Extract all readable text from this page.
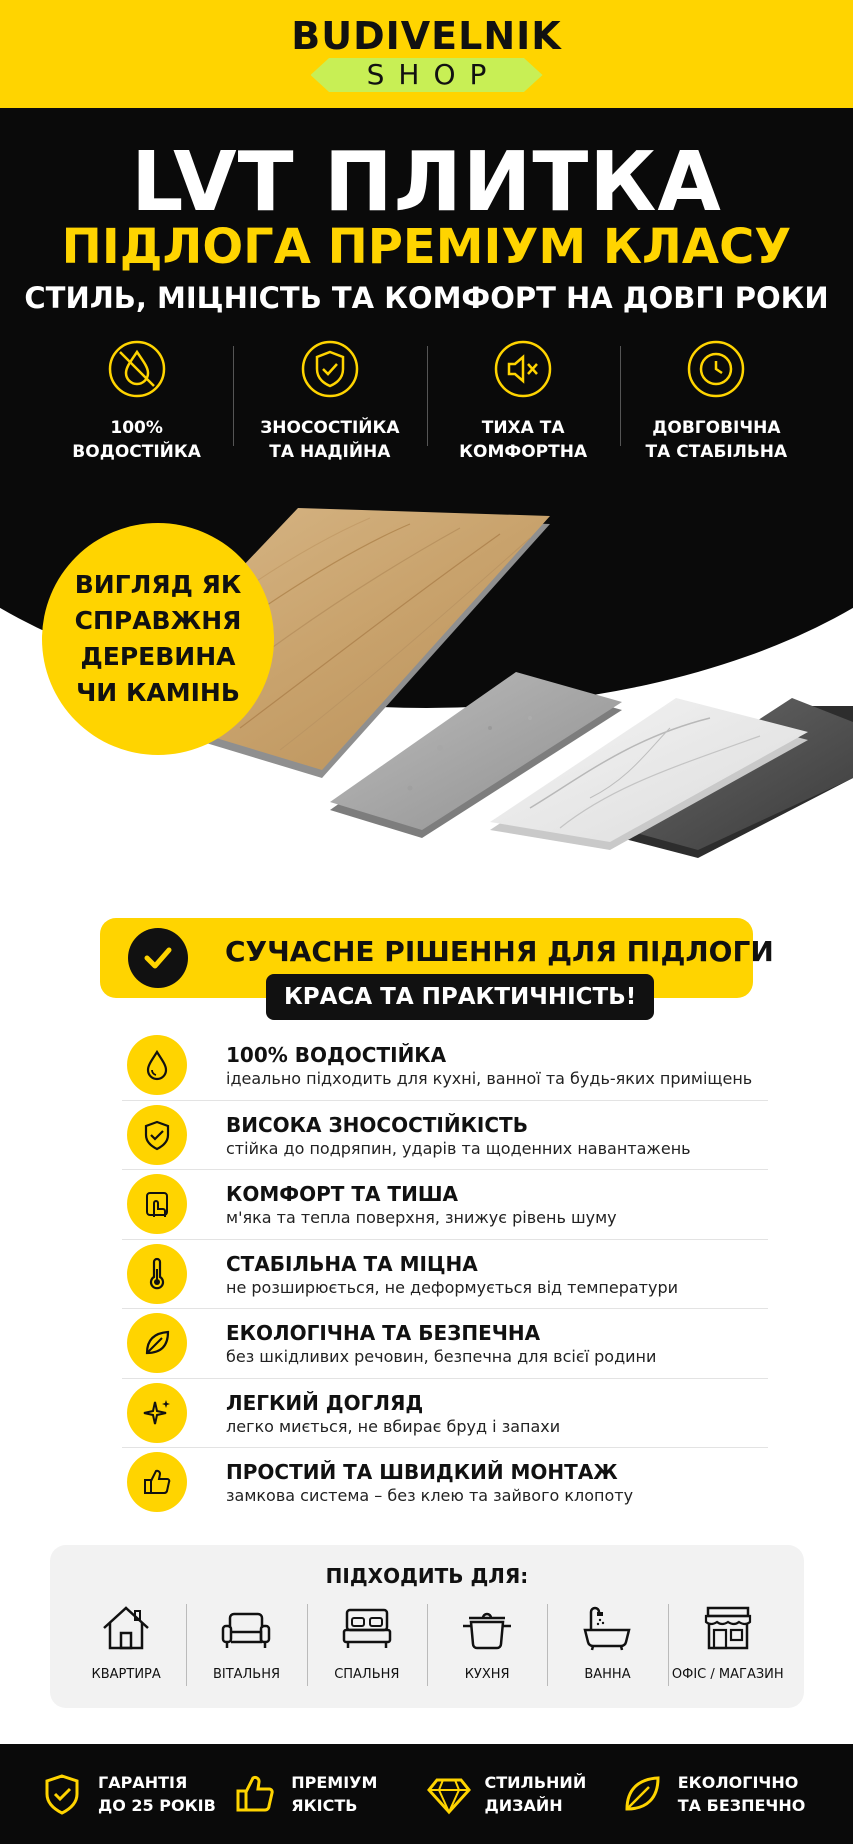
BUDIVELNIK
SHOP
LVT ПЛИТКА
ПІДЛОГА ПРЕМІУМ КЛАСУ
СТИЛЬ, МІЦНІСТЬ ТА КОМФОРТ НА ДОВГІ РОКИ
100%
ВОДОСТІЙКА
ЗНОСОСТІЙКА
ТА НАДІЙНА
ТИХА ТА
КОМФОРТНА
ДОВГОВІЧНА
ТА СТАБІЛЬНА
ВИГЛЯД ЯК СПРАВЖНЯ ДЕРЕВИНА ЧИ КАМІНЬ
СУЧАСНЕ РІШЕННЯ ДЛЯ ПІДЛОГИ
КРАСА ТА ПРАКТИЧНІСТЬ!
100% ВОДОСТІЙКА
ідеально підходить для кухні, ванної та будь-яких приміщень
ВИСОКА ЗНОСОСТІЙКІСТЬ
стійка до подряпин, ударів та щоденних навантажень
КОМФОРТ ТА ТИША
м'яка та тепла поверхня, знижує рівень шуму
СТАБІЛЬНА ТА МІЦНА
не розширюється, не деформується від температури
ЕКОЛОГІЧНА ТА БЕЗПЕЧНА
без шкідливих речовин, безпечна для всієї родини
ЛЕГКИЙ ДОГЛЯД
легко миється, не вбирає бруд і запахи
ПРОСТИЙ ТА ШВИДКИЙ МОНТАЖ
замкова система – без клею та зайвого клопоту
ПІДХОДИТЬ ДЛЯ:
КВАРТИРА	ВІТАЛЬНЯ	СПАЛЬНЯ	КУХНЯ	ВАННА	ОФІС / МАГАЗИН
ГАРАНТІЯ
ДО 25 РОКІВ
ПРЕМІУМ
ЯКІСТЬ
СТИЛЬНИЙ
ДИЗАЙН
ЕКОЛОГІЧНО
ТА БЕЗПЕЧНО
